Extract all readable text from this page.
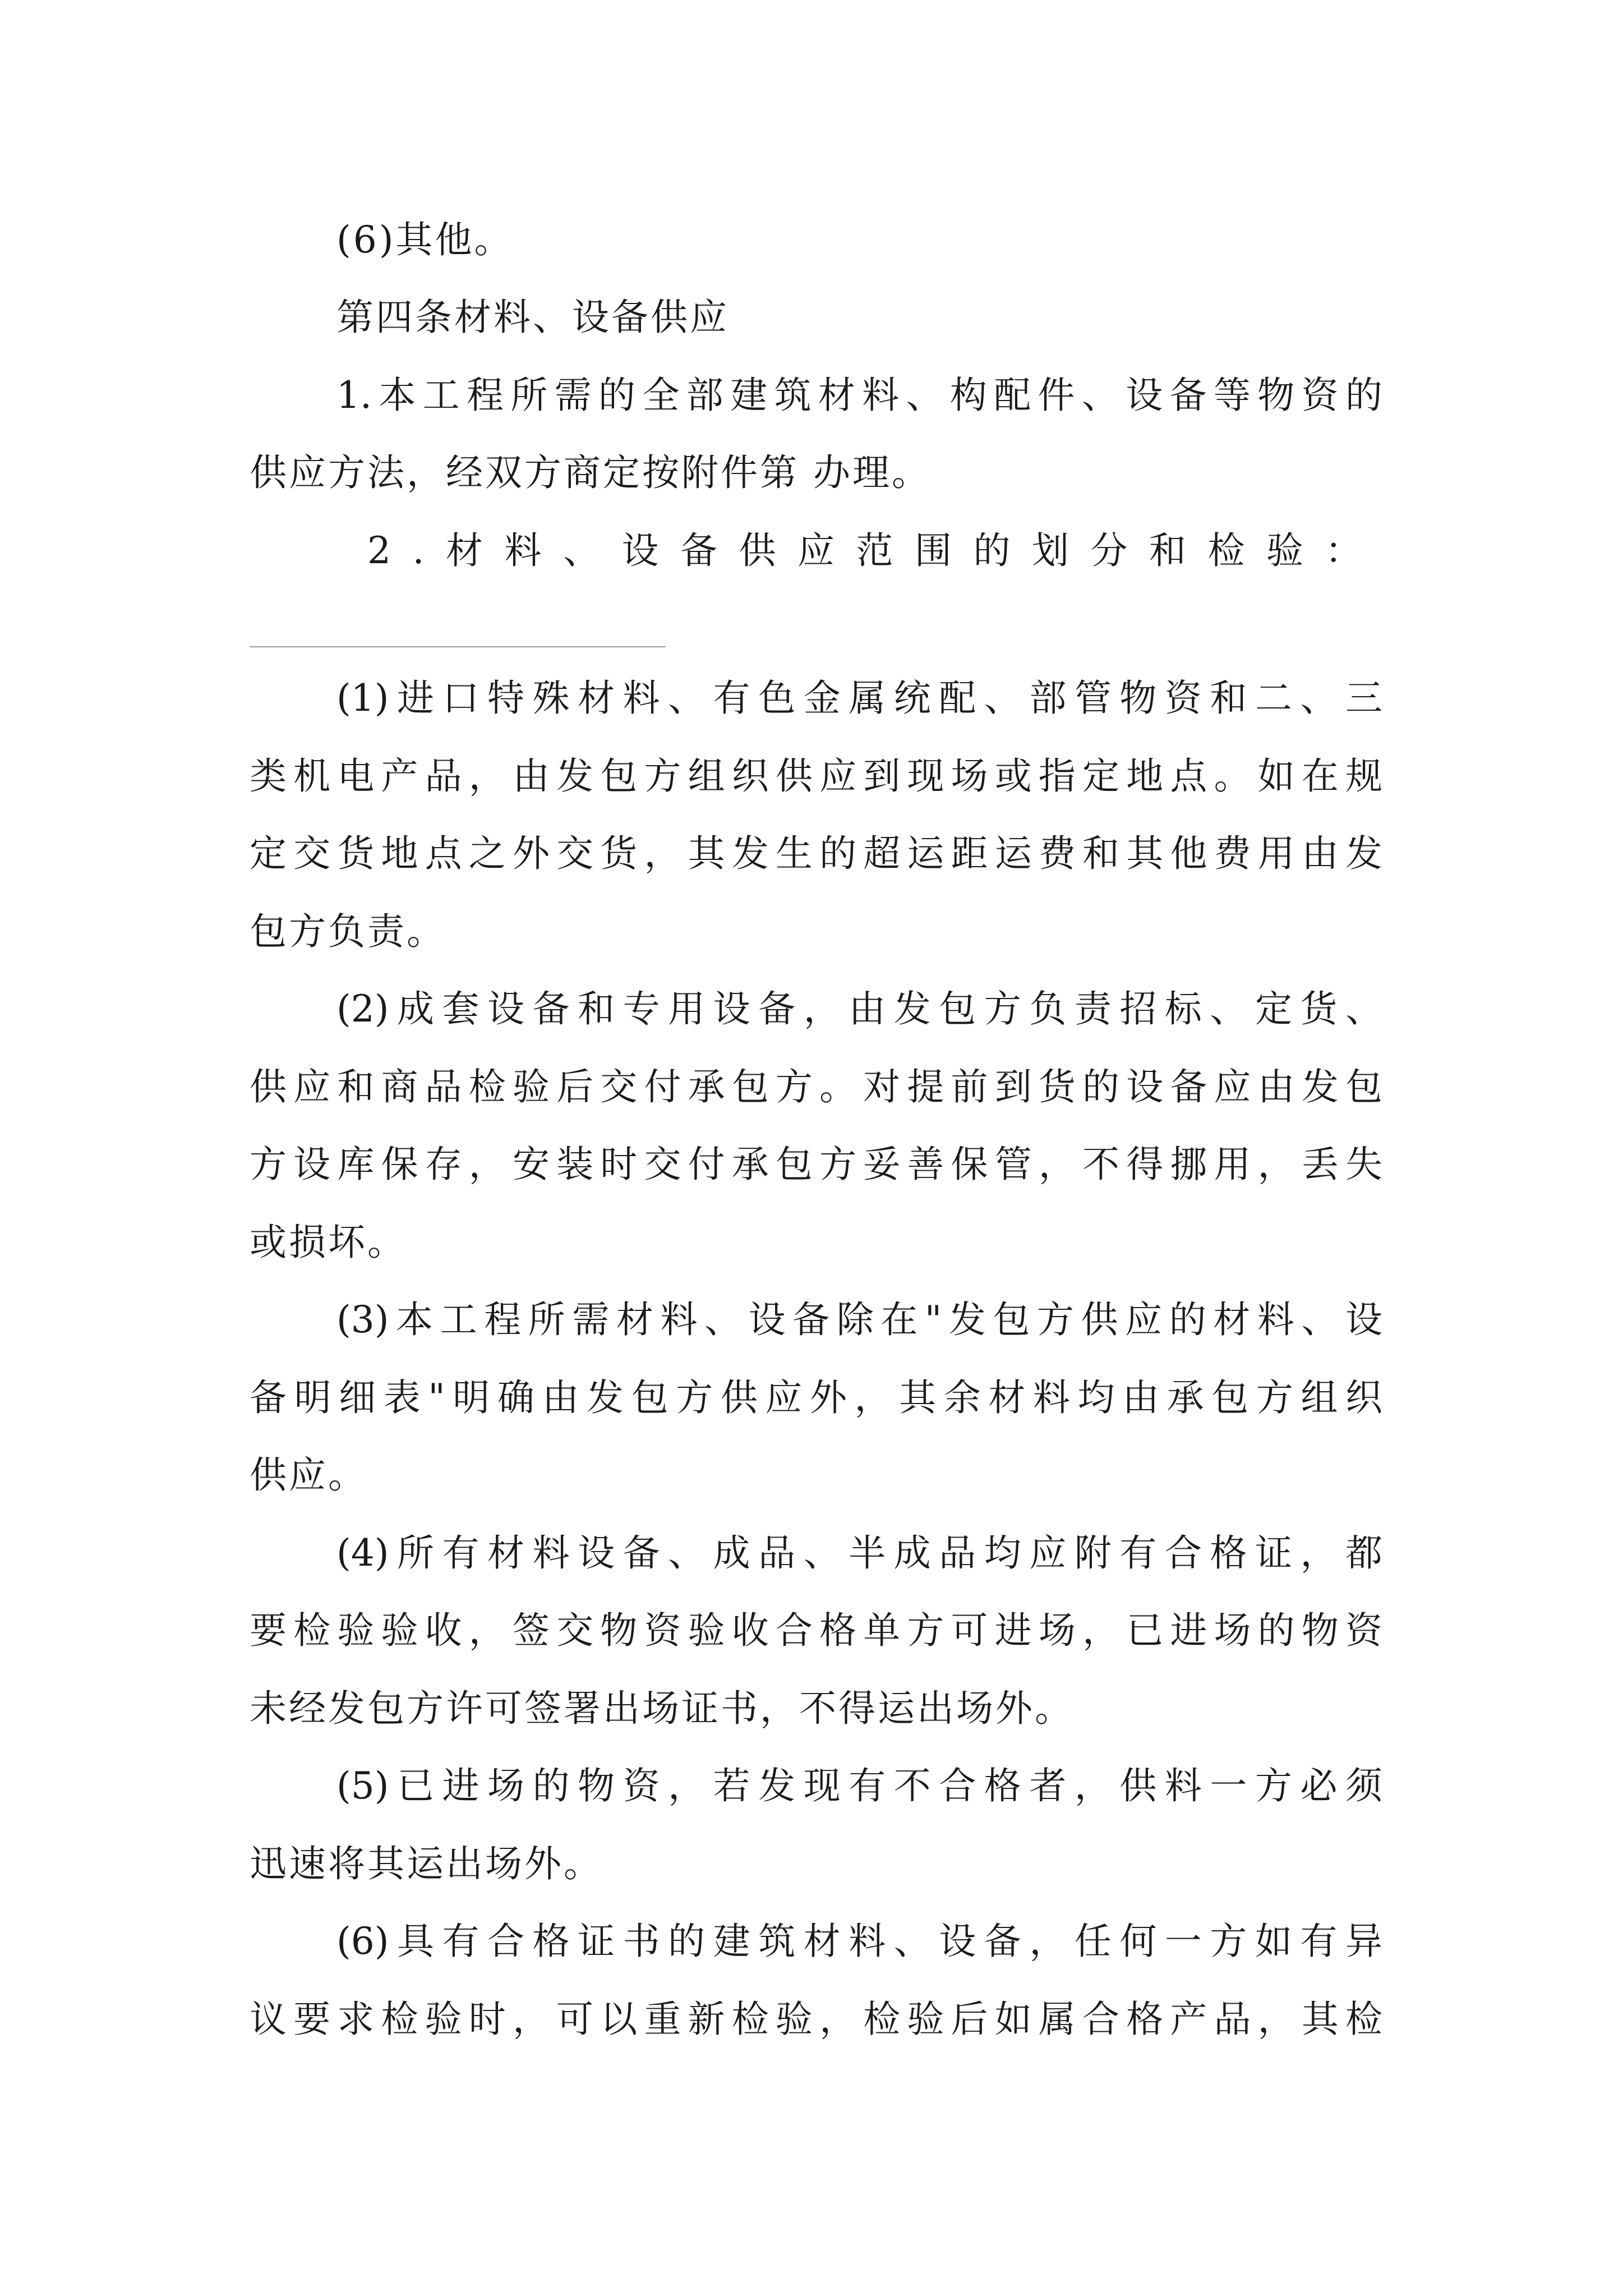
(6)其他。
第四条材料、设备供应
1.本工程所需的全部建筑材料、构配件、设备等物资的
供应方法，经双方商定按附件第 办理。
2.材料、设备供应范围的划分和检验：
(1)进口特殊材料、有色金属统配、部管物资和二、三
类机电产品，由发包方组织供应到现场或指定地点。如在规
定交货地点之外交货，其发生的超运距运费和其他费用由发
包方负责。
(2)成套设备和专用设备，由发包方负责招标、定货、
供应和商品检验后交付承包方。对提前到货的设备应由发包
方设库保存，安装时交付承包方妥善保管，不得挪用，丢失
或损坏。
(3)本工程所需材料、设备除在"发包方供应的材料、设
备明细表"明确由发包方供应外，其余材料均由承包方组织
供应。
(4)所有材料设备、成品、半成品均应附有合格证，都
要检验验收，签交物资验收合格单方可进场，已进场的物资
未经发包方许可签署出场证书，不得运出场外。
(5)已进场的物资，若发现有不合格者，供料一方必须
迅速将其运出场外。
(6)具有合格证书的建筑材料、设备，任何一方如有异
议要求检验时，可以重新检验，检验后如属合格产品，其检
